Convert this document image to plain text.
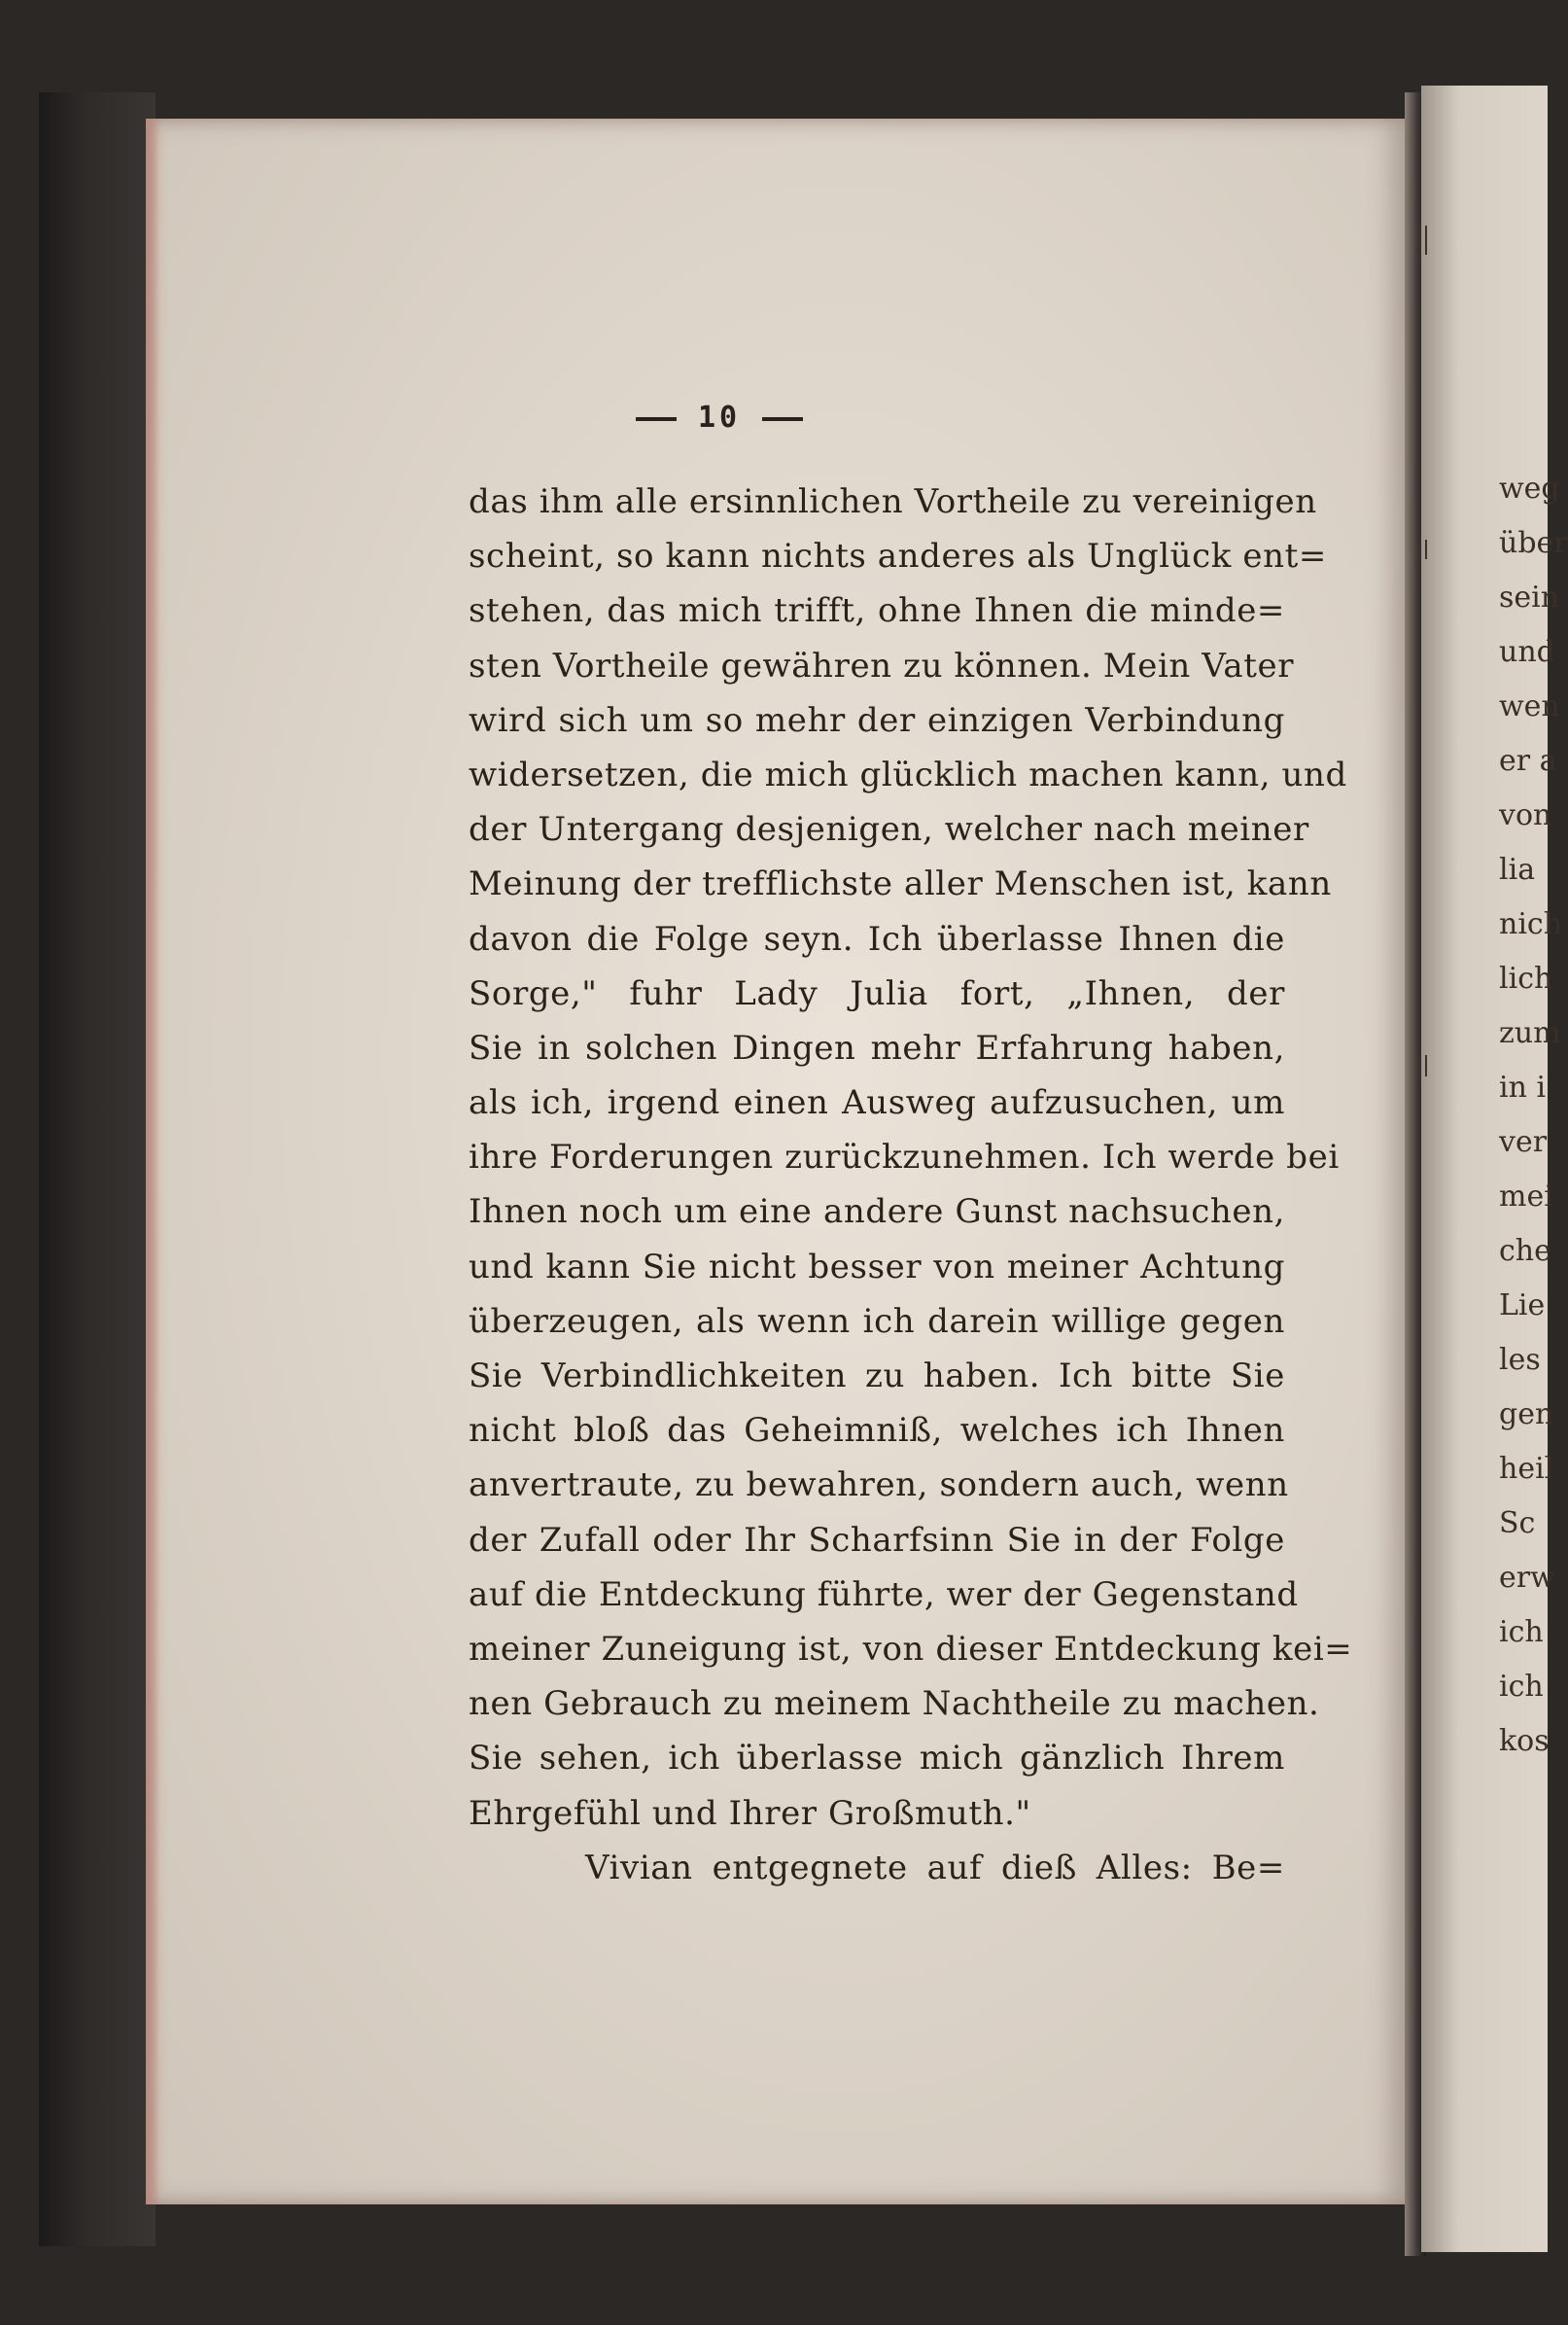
10
das ihm alle ersinnlichen Vortheile zu vereinigen
scheint, so kann nichts anderes als Unglück ent=
stehen, das mich trifft, ohne Ihnen die minde=
sten Vortheile gewähren zu können. Mein Vater
wird sich um so mehr der einzigen Verbindung
widersetzen, die mich glücklich machen kann, und
der Untergang desjenigen, welcher nach meiner
Meinung der trefflichste aller Menschen ist, kann
davon die Folge seyn. Ich überlasse Ihnen die
Sorge," fuhr Lady Julia fort, „Ihnen, der
Sie in solchen Dingen mehr Erfahrung haben,
als ich, irgend einen Ausweg aufzusuchen, um
ihre Forderungen zurückzunehmen. Ich werde bei
Ihnen noch um eine andere Gunst nachsuchen,
und kann Sie nicht besser von meiner Achtung
überzeugen, als wenn ich darein willige gegen
Sie Verbindlichkeiten zu haben. Ich bitte Sie
nicht bloß das Geheimniß, welches ich Ihnen
anvertraute, zu bewahren, sondern auch, wenn
der Zufall oder Ihr Scharfsinn Sie in der Folge
auf die Entdeckung führte, wer der Gegenstand
meiner Zuneigung ist, von dieser Entdeckung kei=
nen Gebrauch zu meinem Nachtheile zu machen.
Sie sehen, ich überlasse mich gänzlich Ihrem
Ehrgefühl und Ihrer Großmuth."
Vivian entgegnete auf dieß Alles: Be=
weg
über
sein
und
wen
er a
von
lia
nich
lich
zum
in i
ver
mei
che
Lie
les
gen
heil
Sc
erw
ich
ich
kos
